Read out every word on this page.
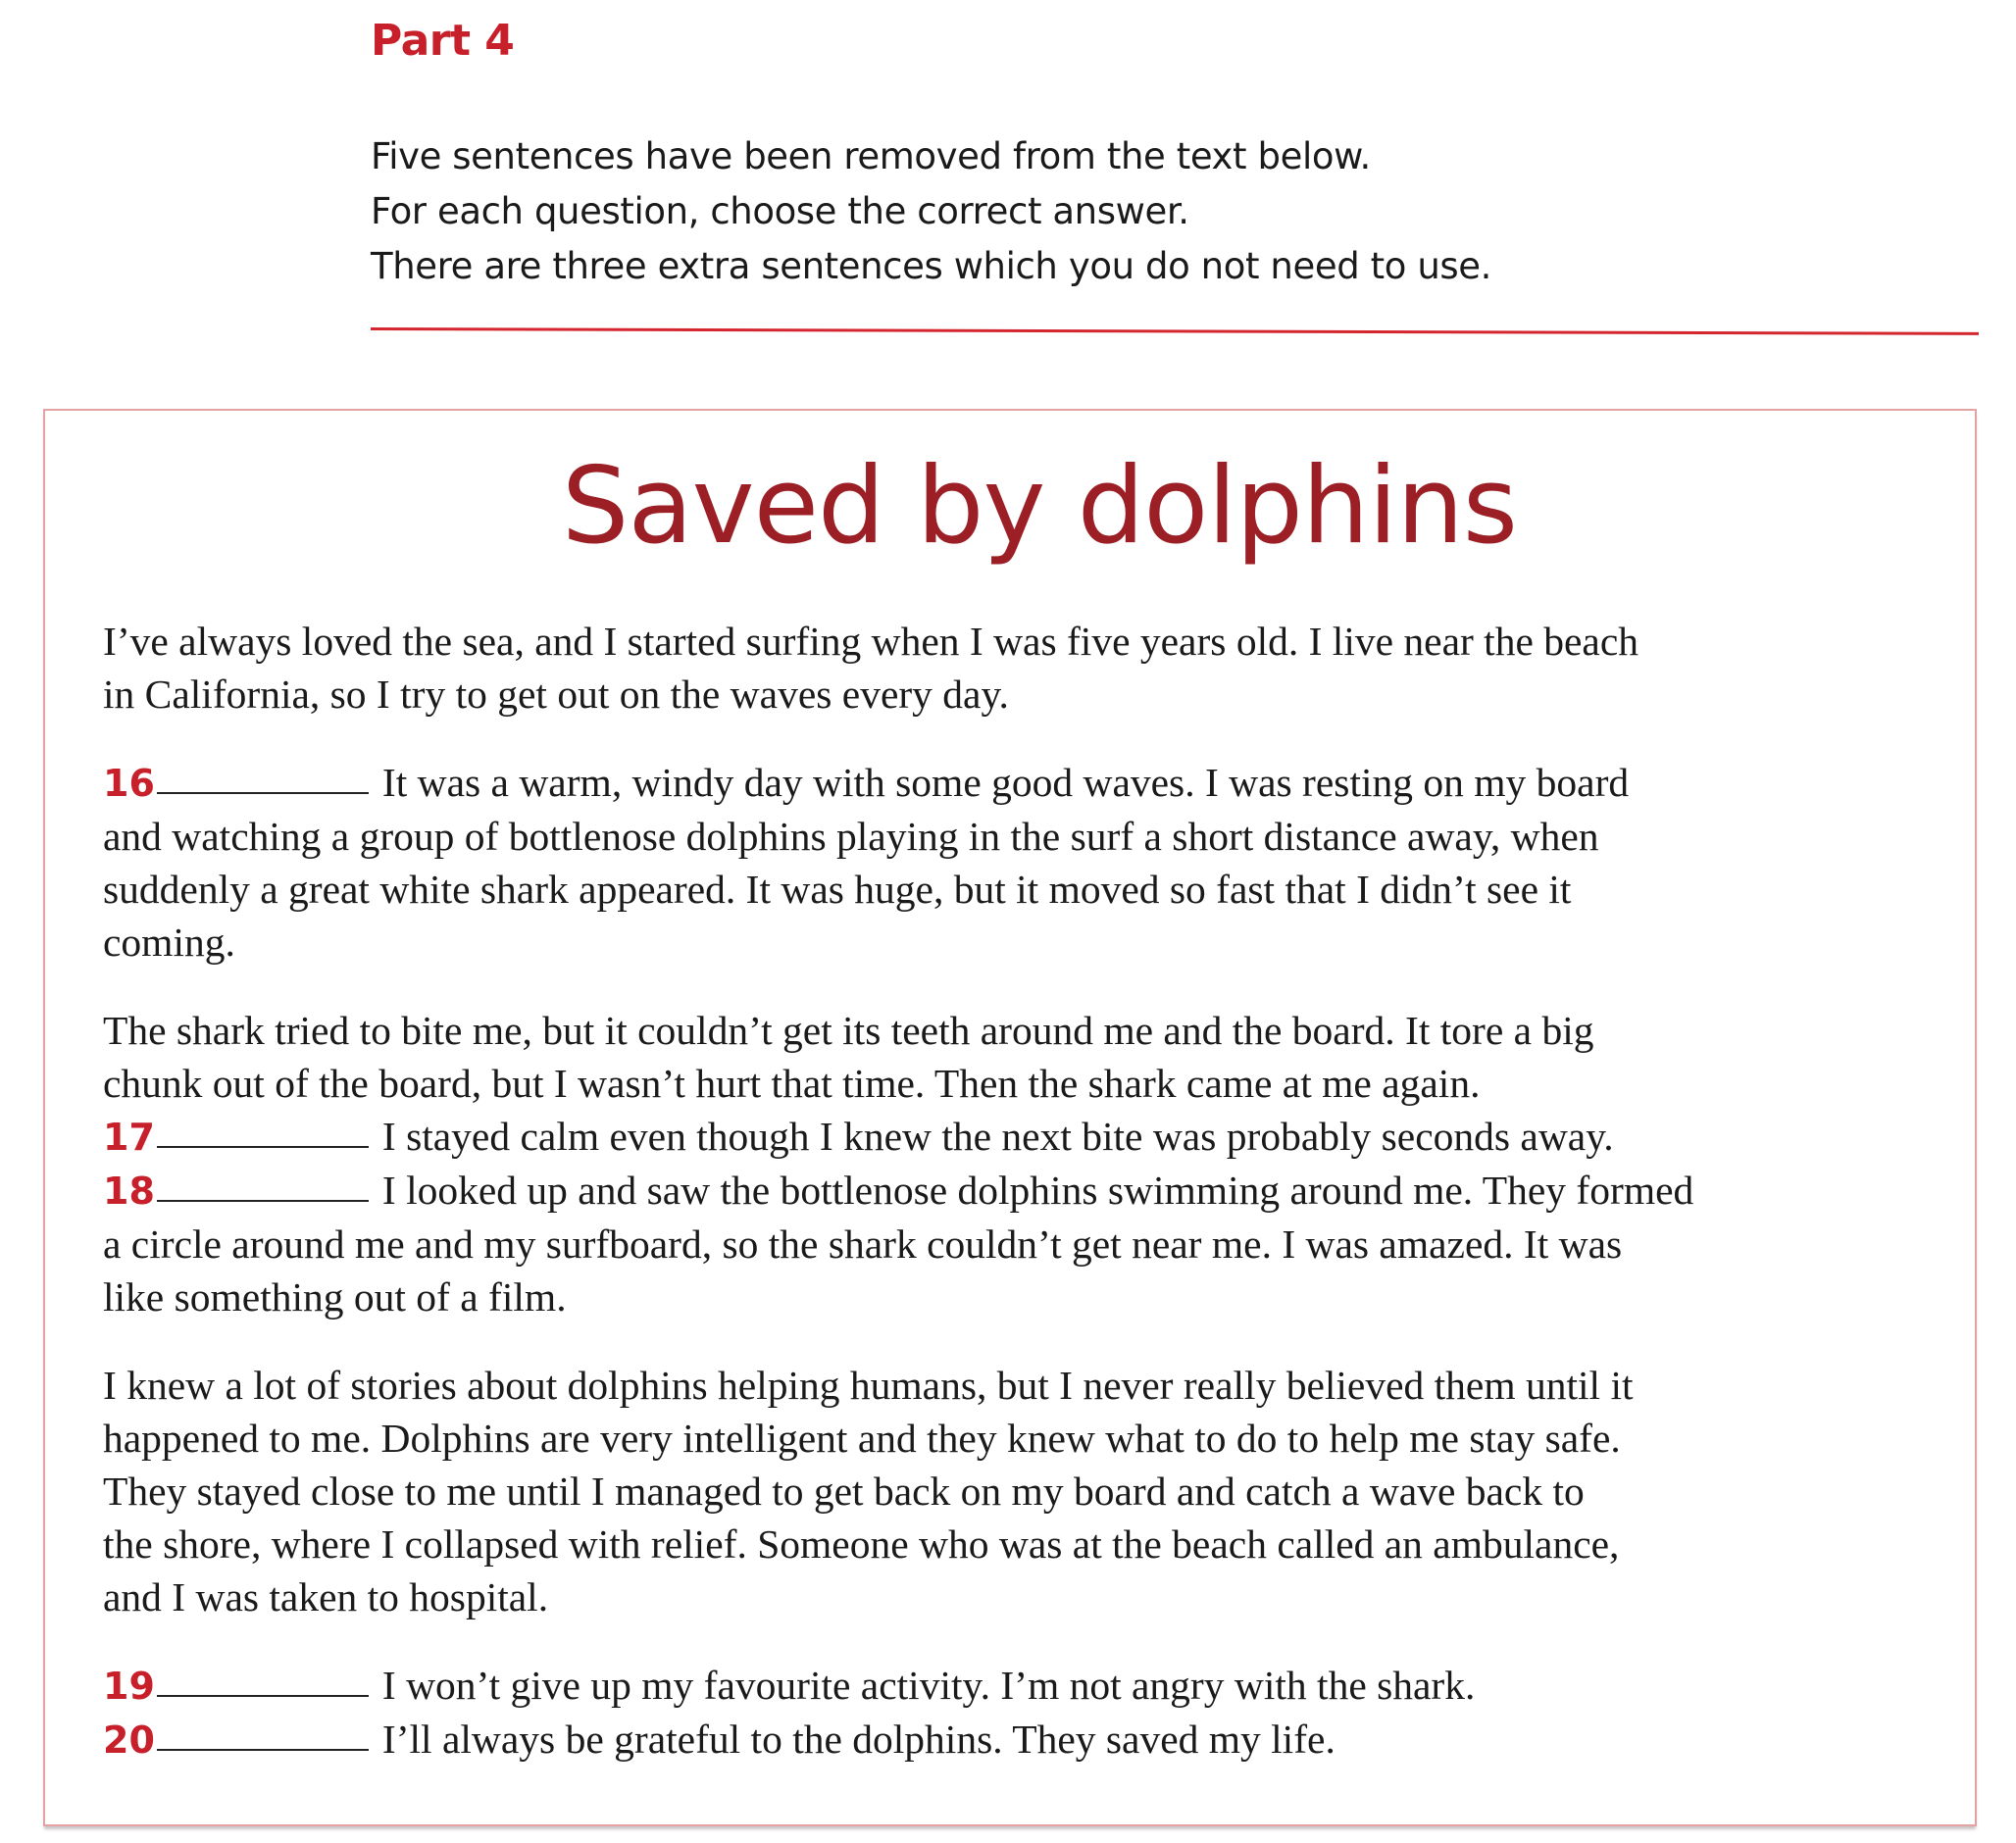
Part 4
Five sentences have been removed from the text below.
For each question, choose the correct answer.
There are three extra sentences which you do not need to use.
Saved by dolphins

I’ve always loved the sea, and I started surfing when I was five years old. I live near the beach
in California, so I try to get out on the waves every day.

16	It was a warm, windy day with some good waves. I was resting on my board
and watching a group of bottlenose dolphins playing in the surf a short distance away, when
suddenly a great white shark appeared. It was huge, but it moved so fast that I didn’t see it
coming.

The shark tried to bite me, but it couldn’t get its teeth around me and the board. It tore a big
chunk out of the board, but I wasn’t hurt that time. Then the shark came at me again.
17	I stayed calm even though I knew the next bite was probably seconds away.
18	I looked up and saw the bottlenose dolphins swimming around me. They formed
a circle around me and my surfboard, so the shark couldn’t get near me. I was amazed. It was
like something out of a film.

I knew a lot of stories about dolphins helping humans, but I never really believed them until it
happened to me. Dolphins are very intelligent and they knew what to do to help me stay safe.
They stayed close to me until I managed to get back on my board and catch a wave back to
the shore, where I collapsed with relief. Someone who was at the beach called an ambulance,
and I was taken to hospital.

19	I won’t give up my favourite activity. I’m not angry with the shark.
20	I’ll always be grateful to the dolphins. They saved my life.
